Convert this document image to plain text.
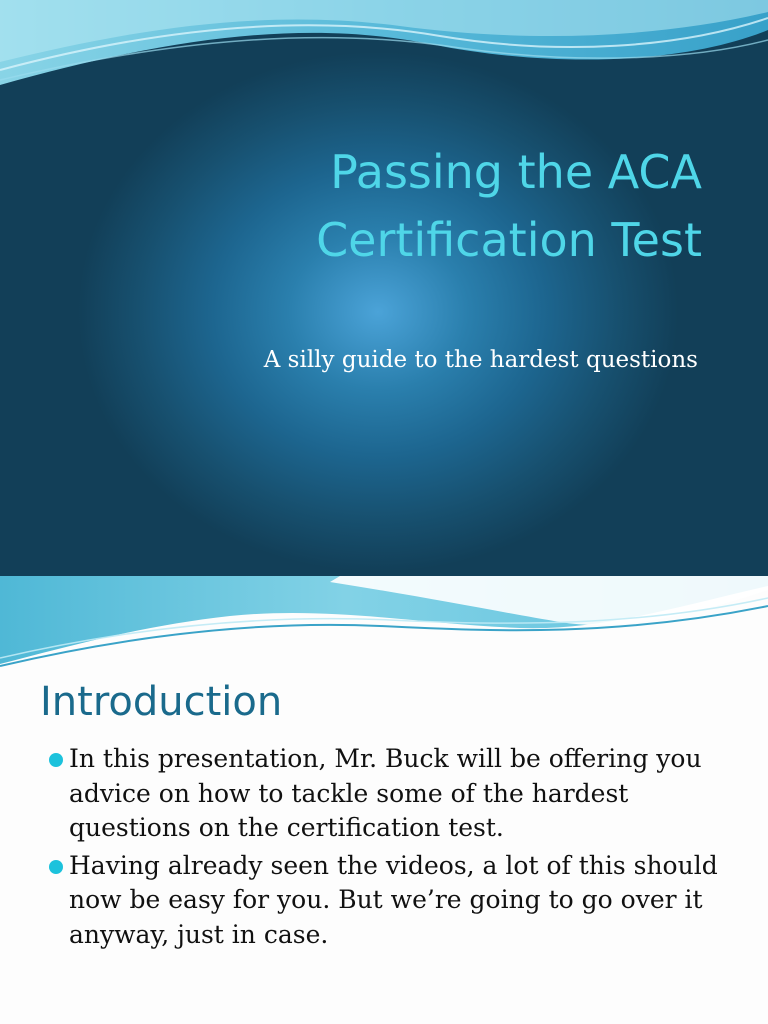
Passing the ACA
Certification Test
A silly guide to the hardest questions
Introduction
In this presentation, Mr. Buck will be offering you advice on how to tackle some of the hardest questions on the certification test.
Having already seen the videos, a lot of this should now be easy for you. But we’re going to go over it anyway, just in case.
